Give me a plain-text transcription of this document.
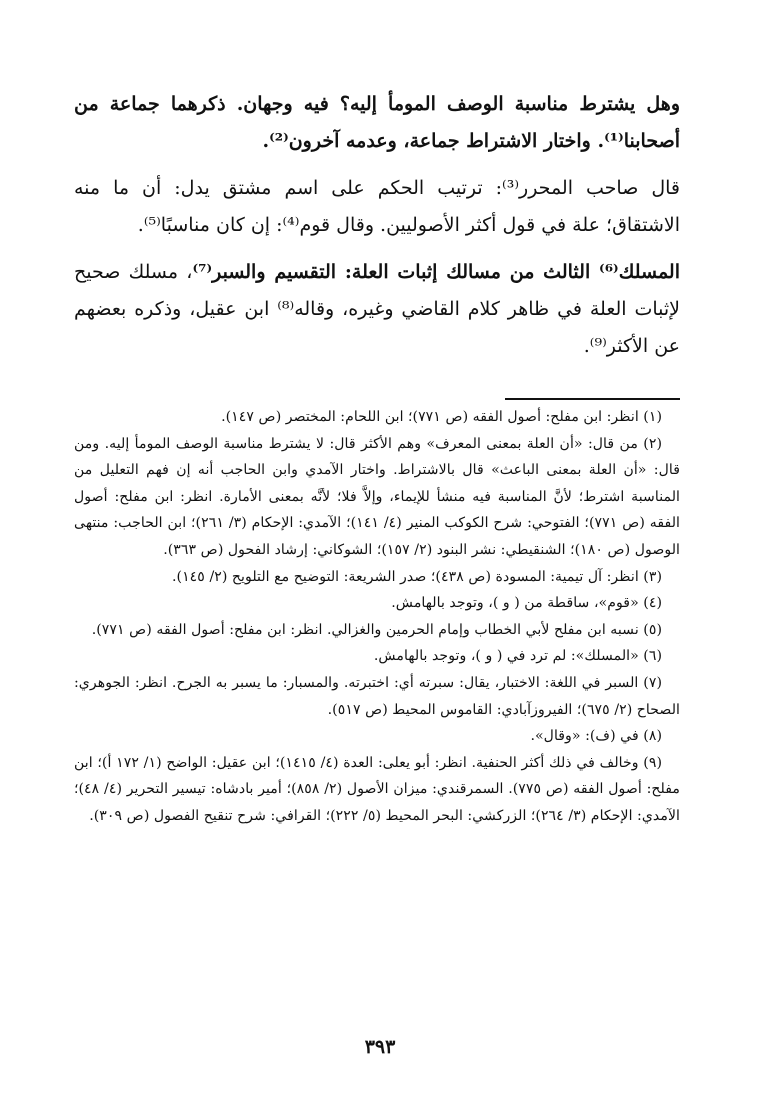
وهل يشترط مناسبة الوصف المومأ إليه؟ فيه وجهان. ذكرهما جماعة من أصحابنا⁽¹⁾. واختار الاشتراط جماعة، وعدمه آخرون⁽²⁾.

قال صاحب المحرر⁽³⁾: ترتيب الحكم على اسم مشتق يدل: أن ما منه الاشتقاق؛ علة في قول أكثر الأصوليين. وقال قوم⁽⁴⁾: إن كان مناسبًا⁽⁵⁾.

المسلك⁽⁶⁾ الثالث من مسالك إثبات العلة: التقسيم والسبر⁽⁷⁾، مسلك صحيح لإثبات العلة في ظاهر كلام القاضي وغيره، وقاله⁽⁸⁾ ابن عقيل، وذكره بعضهم عن الأكثر⁽⁹⁾.

(١) انظر: ابن مفلح: أصول الفقه (ص ٧٧١)؛ ابن اللحام: المختصر (ص ١٤٧).

(٢) من قال: «أن العلة بمعنى المعرف» وهم الأكثر قال: لا يشترط مناسبة الوصف المومأ إليه. ومن قال: «أن العلة بمعنى الباعث» قال بالاشتراط. واختار الآمدي وابن الحاجب أنه إن فهم التعليل من المناسبة اشترط؛ لأنَّ المناسبة فيه منشأ للإيماء، وإلاَّ فلا؛ لأنَّه بمعنى الأمارة. انظر: ابن مفلح: أصول الفقه (ص ٧٧١)؛ الفتوحي: شرح الكوكب المنير (٤/ ١٤١)؛ الآمدي: الإحكام (٣/ ٢٦١)؛ ابن الحاجب: منتهى الوصول (ص ١٨٠)؛ الشنقيطي: نشر البنود (٢/ ١٥٧)؛ الشوكاني: إرشاد الفحول (ص ٣٦٣).

(٣) انظر: آل تيمية: المسودة (ص ٤٣٨)؛ صدر الشريعة: التوضيح مع التلويح (٢/ ١٤٥).

(٤) «قوم»، ساقطة من ( و )، وتوجد بالهامش.

(٥) نسبه ابن مفلح لأبي الخطاب وإمام الحرمين والغزالي. انظر: ابن مفلح: أصول الفقه (ص ٧٧١).

(٦) «المسلك»: لم ترد في ( و )، وتوجد بالهامش.

(٧) السبر في اللغة: الاختبار، يقال: سبرته أي: اختبرته. والمسبار: ما يسبر به الجرح. انظر: الجوهري: الصحاح (٢/ ٦٧٥)؛ الفيروزآبادي: القاموس المحيط (ص ٥١٧).

(٨) في (ف): «وقال».

(٩) وخالف في ذلك أكثر الحنفية. انظر: أبو يعلى: العدة (٤/ ١٤١٥)؛ ابن عقيل: الواضح (١/ ١٧٢ أ)؛ ابن مفلح: أصول الفقه (ص ٧٧٥). السمرقندي: ميزان الأصول (٢/ ٨٥٨)؛ أمير بادشاه: تيسير التحرير (٤/ ٤٨)؛ الآمدي: الإحكام (٣/ ٢٦٤)؛ الزركشي: البحر المحيط (٥/ ٢٢٢)؛ القرافي: شرح تنقيح الفصول (ص ٣٠٩).

٣٩٣
